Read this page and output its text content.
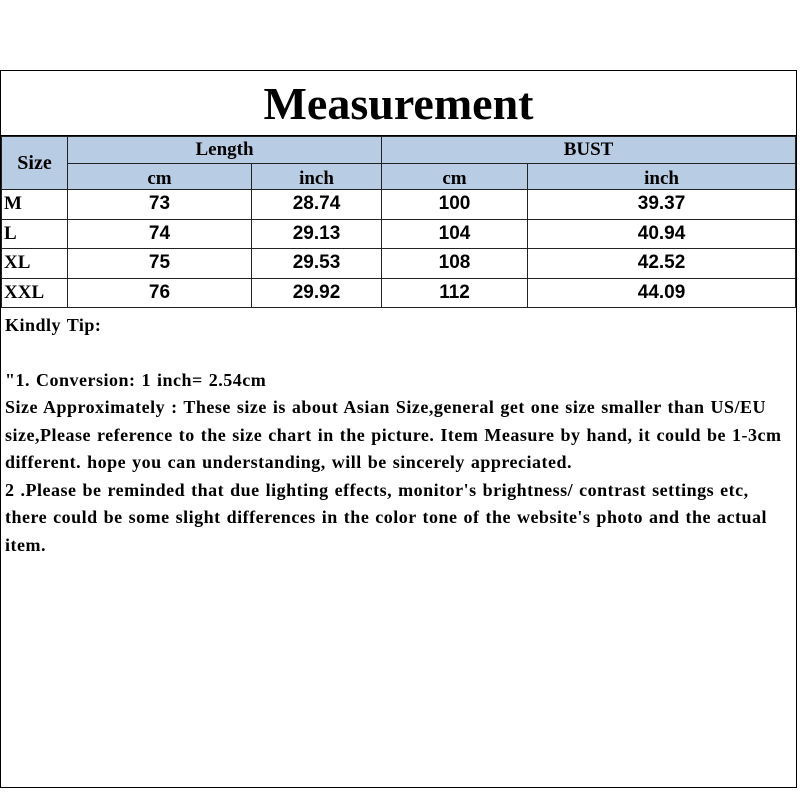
Measurement
Size	Length		BUST	
	cm	inch	cm	inch
M	73	28.74	100	39.37
L	74	29.13	104	40.94
XL	75	29.53	108	42.52
XXL	76	29.92	112	44.09

Kindly Tip:

"1. Conversion: 1 inch= 2.54cm

Size Approximately : These size is about Asian Size,general get one size smaller than US/EU size,Please reference to the size chart in the picture. Item Measure by hand, it could be 1-3cm different. hope you can understanding, will be sincerely appreciated.

2 .Please be reminded that due lighting effects, monitor's brightness/ contrast settings etc, there could be some slight differences in the color tone of the website's photo and the actual item.
